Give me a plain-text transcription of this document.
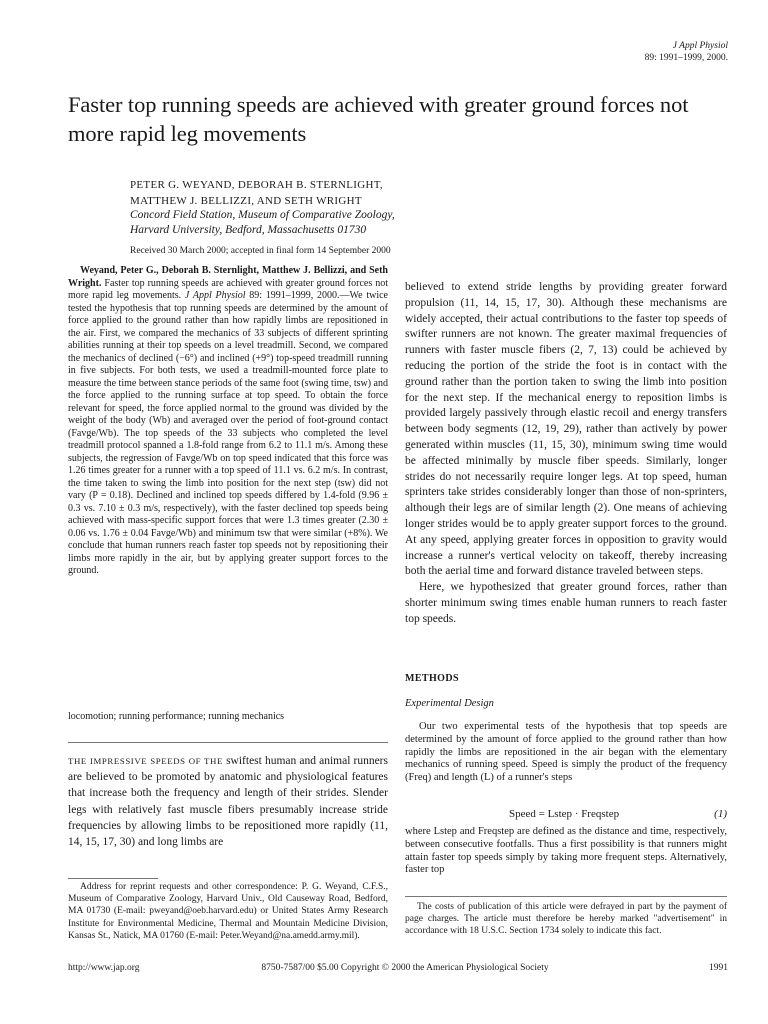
J Appl Physiol
89: 1991–1999, 2000.
Faster top running speeds are achieved with greater ground forces not more rapid leg movements
PETER G. WEYAND, DEBORAH B. STERNLIGHT,
MATTHEW J. BELLIZZI, AND SETH WRIGHT
Concord Field Station, Museum of Comparative Zoology,
Harvard University, Bedford, Massachusetts 01730
Received 30 March 2000; accepted in final form 14 September 2000
Weyand, Peter G., Deborah B. Sternlight, Matthew J. Bellizzi, and Seth Wright. Faster top running speeds are achieved with greater ground forces not more rapid leg movements. J Appl Physiol 89: 1991–1999, 2000.—We twice tested the hypothesis that top running speeds are determined by the amount of force applied to the ground rather than how rapidly limbs are repositioned in the air. First, we compared the mechanics of 33 subjects of different sprinting abilities running at their top speeds on a level treadmill. Second, we compared the mechanics of declined (−6°) and inclined (+9°) top-speed treadmill running in five subjects. For both tests, we used a treadmill-mounted force plate to measure the time between stance periods of the same foot (swing time, tsw) and the force applied to the running surface at top speed. To obtain the force relevant for speed, the force applied normal to the ground was divided by the weight of the body (Wb) and averaged over the period of foot-ground contact (Favge/Wb). The top speeds of the 33 subjects who completed the level treadmill protocol spanned a 1.8-fold range from 6.2 to 11.1 m/s. Among these subjects, the regression of Favge/Wb on top speed indicated that this force was 1.26 times greater for a runner with a top speed of 11.1 vs. 6.2 m/s. In contrast, the time taken to swing the limb into position for the next step (tsw) did not vary (P = 0.18). Declined and inclined top speeds differed by 1.4-fold (9.96 ± 0.3 vs. 7.10 ± 0.3 m/s, respectively), with the faster declined top speeds being achieved with mass-specific support forces that were 1.3 times greater (2.30 ± 0.06 vs. 1.76 ± 0.04 Favge/Wb) and minimum tsw that were similar (+8%). We conclude that human runners reach faster top speeds not by repositioning their limbs more rapidly in the air, but by applying greater support forces to the ground.
locomotion; running performance; running mechanics
THE IMPRESSIVE SPEEDS OF THE swiftest human and animal runners are believed to be promoted by anatomic and physiological features that increase both the frequency and length of their strides. Slender legs with relatively fast muscle fibers presumably increase stride frequencies by allowing limbs to be repositioned more rapidly (11, 14, 15, 17, 30) and long limbs are
Address for reprint requests and other correspondence: P. G. Weyand, C.F.S., Museum of Comparative Zoology, Harvard Univ., Old Causeway Road, Bedford, MA 01730 (E-mail: pweyand@oeb.harvard.edu) or United States Army Research Institute for Environmental Medicine, Thermal and Mountain Medicine Division, Kansas St., Natick, MA 01760 (E-mail: Peter.Weyand@na.amedd.army.mil).

believed to extend stride lengths by providing greater forward propulsion (11, 14, 15, 17, 30). Although these mechanisms are widely accepted, their actual contributions to the faster top speeds of swifter runners are not known. The greater maximal frequencies of runners with faster muscle fibers (2, 7, 13) could be achieved by reducing the portion of the stride the foot is in contact with the ground rather than the portion taken to swing the limb into position for the next step. If the mechanical energy to reposition limbs is provided largely passively through elastic recoil and energy transfers between body segments (12, 19, 29), rather than actively by power generated within muscles (11, 15, 30), minimum swing time would be affected minimally by muscle fiber speeds. Similarly, longer strides do not necessarily require longer legs. At top speed, human sprinters take strides considerably longer than those of non-sprinters, although their legs are of similar length (2). One means of achieving longer strides would be to apply greater support forces to the ground. At any speed, applying greater forces in opposition to gravity would increase a runner's vertical velocity on takeoff, thereby increasing both the aerial time and forward distance traveled between steps.

Here, we hypothesized that greater ground forces, rather than shorter minimum swing times enable human runners to reach faster top speeds.

METHODS
Experimental Design
Our two experimental tests of the hypothesis that top speeds are determined by the amount of force applied to the ground rather than how rapidly the limbs are repositioned in the air began with the elementary mechanics of running speed. Speed is simply the product of the frequency (Freq) and length (L) of a runner's steps
Speed = Lstep · Freqstep	(1)
where Lstep and Freqstep are defined as the distance and time, respectively, between consecutive footfalls. Thus a first possibility is that runners might attain faster top speeds simply by taking more frequent steps. Alternatively, faster top
The costs of publication of this article were defrayed in part by the payment of page charges. The article must therefore be hereby marked "advertisement" in accordance with 18 U.S.C. Section 1734 solely to indicate this fact.
http://www.jap.org	8750-7587/00 $5.00 Copyright © 2000 the American Physiological Society	1991
